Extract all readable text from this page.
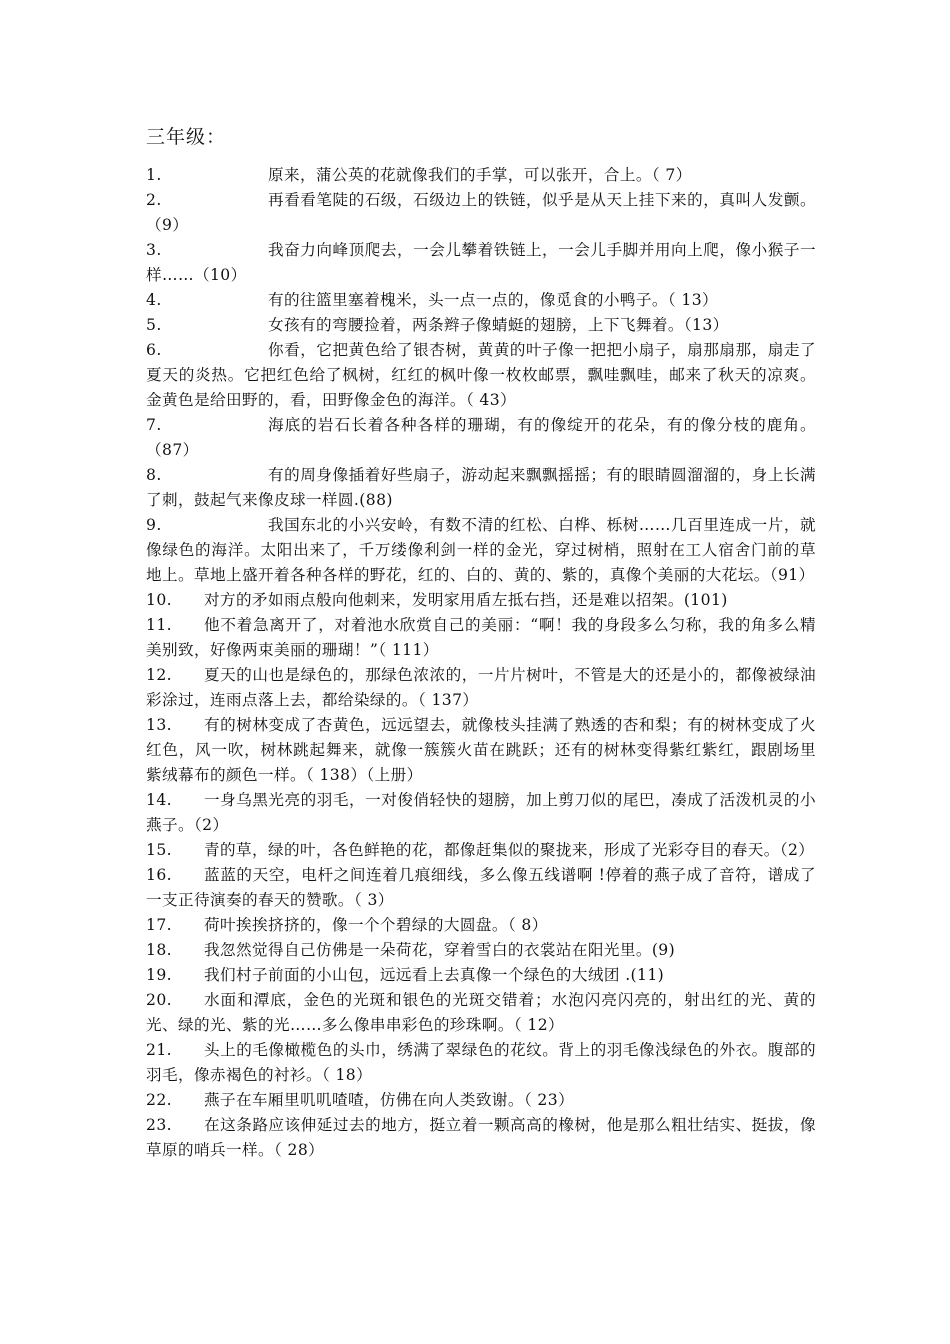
三年级：
1.	原来，蒲公英的花就像我们的手掌，可以张开，合上。（ 7）
2.	再看看笔陡的石级，石级边上的铁链，似乎是从天上挂下来的，真叫人发颤。（9）
3.	我奋力向峰顶爬去，一会儿攀着铁链上，一会儿手脚并用向上爬，像小猴子一样……（10）
4.	有的往篮里塞着槐米，头一点一点的，像觅食的小鸭子。（ 13）
5.	女孩有的弯腰捡着，两条辫子像蜻蜓的翅膀，上下飞舞着。（13）
6.	你看，它把黄色给了银杏树，黄黄的叶子像一把把小扇子，扇那扇那，扇走了夏天的炎热。它把红色给了枫树，红红的枫叶像一枚枚邮票，飘哇飘哇，邮来了秋天的凉爽。金黄色是给田野的，看，田野像金色的海洋。（ 43）
7.	海底的岩石长着各种各样的珊瑚，有的像绽开的花朵，有的像分枝的鹿角。（87）
8.	有的周身像插着好些扇子，游动起来飘飘摇摇；有的眼睛圆溜溜的，身上长满了刺，鼓起气来像皮球一样圆.(88)
9.	我国东北的小兴安岭，有数不清的红松、白桦、栎树……几百里连成一片，就像绿色的海洋。太阳出来了，千万缕像利剑一样的金光，穿过树梢，照射在工人宿舍门前的草地上。草地上盛开着各种各样的野花，红的、白的、黄的、紫的，真像个美丽的大花坛。（91）
10.	对方的矛如雨点般向他刺来，发明家用盾左抵右挡，还是难以招架。(101)
11.	他不着急离开了，对着池水欣赏自己的美丽：“啊！我的身段多么匀称，我的角多么精美别致，好像两束美丽的珊瑚！”（ 111）
12.	夏天的山也是绿色的，那绿色浓浓的，一片片树叶，不管是大的还是小的，都像被绿油彩涂过，连雨点落上去，都给染绿的。（ 137）
13.	有的树林变成了杏黄色，远远望去，就像枝头挂满了熟透的杏和梨；有的树林变成了火红色，风一吹，树林跳起舞来，就像一簇簇火苗在跳跃；还有的树林变得紫红紫红，跟剧场里紫绒幕布的颜色一样。（ 138）（上册）
14.	一身乌黑光亮的羽毛，一对俊俏轻快的翅膀，加上剪刀似的尾巴，凑成了活泼机灵的小燕子。（2）
15.	青的草，绿的叶，各色鲜艳的花，都像赶集似的聚拢来，形成了光彩夺目的春天。（2）
16.	蓝蓝的天空，电杆之间连着几痕细线，多么像五线谱啊 !停着的燕子成了音符，谱成了一支正待演奏的春天的赞歌。（ 3）
17.	荷叶挨挨挤挤的，像一个个碧绿的大圆盘。（ 8）
18.	我忽然觉得自己仿佛是一朵荷花，穿着雪白的衣裳站在阳光里。(9)
19.	我们村子前面的小山包，远远看上去真像一个绿色的大绒团 .(11)
20.	水面和潭底，金色的光斑和银色的光斑交错着；水泡闪亮闪亮的，射出红的光、黄的光、绿的光、紫的光……多么像串串彩色的珍珠啊。（ 12）
21.	头上的毛像橄榄色的头巾，绣满了翠绿色的花纹。背上的羽毛像浅绿色的外衣。腹部的羽毛，像赤褐色的衬衫。（ 18）
22.	燕子在车厢里叽叽喳喳，仿佛在向人类致谢。（ 23）
23.	在这条路应该伸延过去的地方，挺立着一颗高高的橡树，他是那么粗壮结实、挺拔，像草原的哨兵一样。（ 28）
